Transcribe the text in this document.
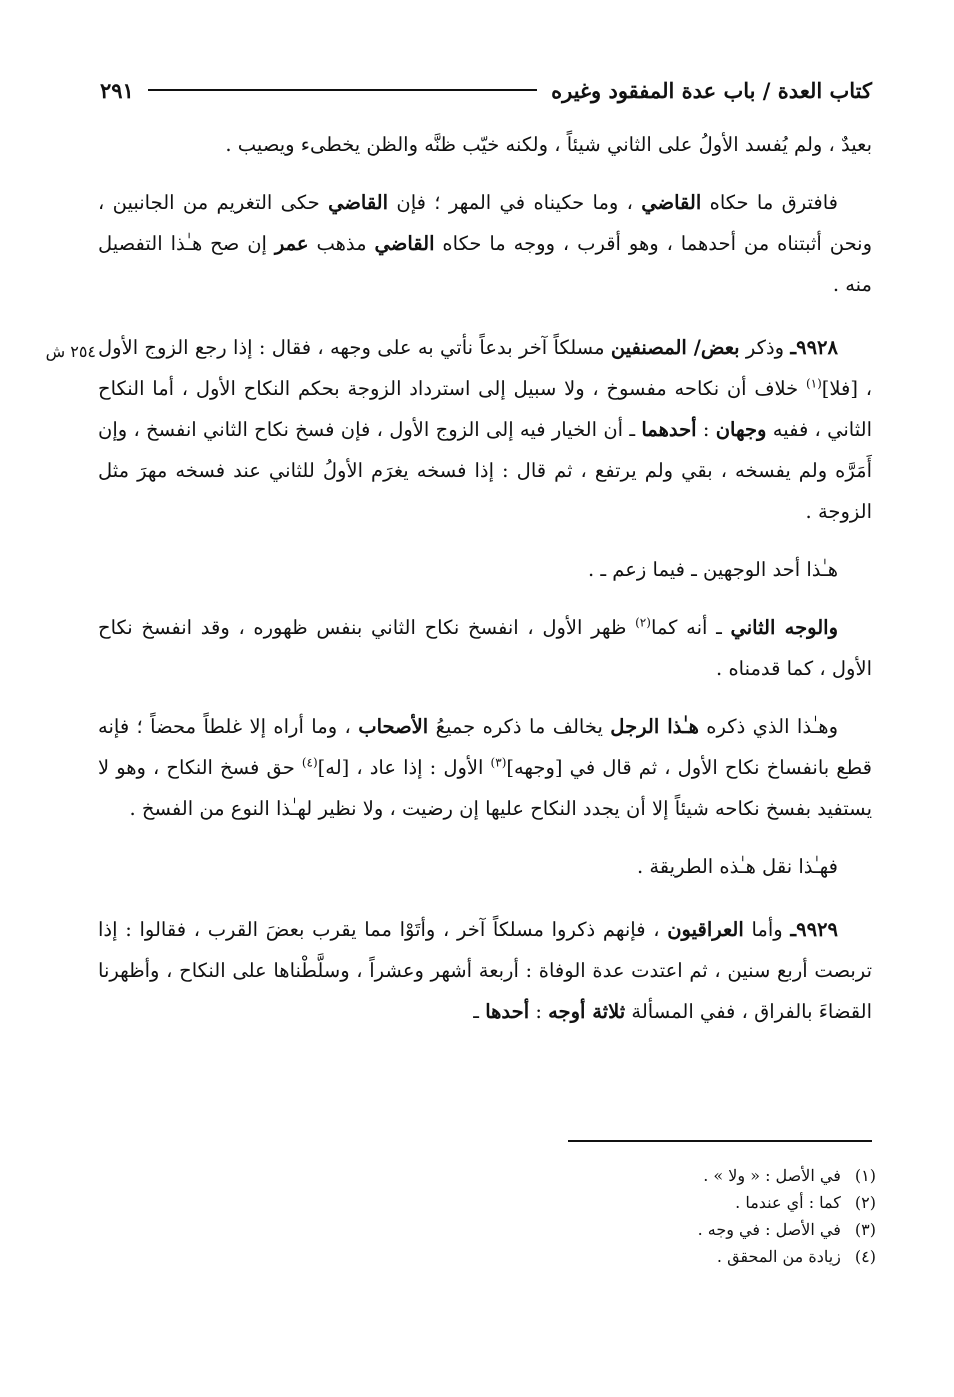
كتاب العدة / باب عدة المفقود وغيره
٢٩١
٢٥٤ ش

بعيدٌ ، ولم يُفسد الأولُ على الثاني شيئاً ، ولكنه خيّب ظنَّه والظن يخطىء ويصيب .

فافترق ما حكاه القاضي ، وما حكيناه في المهر ؛ فإن القاضي حكى التغريم من الجانبين ، ونحن أثبتناه من أحدهما ، وهو أقرب ، ووجه ما حكاه القاضي مذهب عمر إن صح هـٰذا التفصيل منه .

٩٩٢٨ـ وذكر بعض/ المصنفين مسلكاً آخر بدعاً نأتي به على وجهه ، فقال : إذا رجع الزوج الأول ، [فلا]$^{(١)}$ خلاف أن نكاحه مفسوخ ، ولا سبيل إلى استرداد الزوجة بحكم النكاح الأول ، أما النكاح الثاني ، ففيه وجهان : أحدهما ـ أن الخيار فيه إلى الزوج الأول ، فإن فسخ نكاح الثاني انفسخ ، وإن أَمَرَّه ولم يفسخه ، بقي ولم يرتفع ، ثم قال : إذا فسخه يغرَم الأولُ للثاني عند فسخه مهرَ مثل الزوجة .

هـٰذا أحد الوجهين ـ فيما زعم ـ .

والوجه الثاني ـ أنه كما$^{(٢)}$ ظهر الأول ، انفسخ نكاح الثاني بنفس ظهوره ، وقد انفسخ نكاح الأول ، كما قدمناه .

وهـٰذا الذي ذكره هـٰذا الرجل يخالف ما ذكره جميعُ الأصحاب ، وما أراه إلا غلطاً محضاً ؛ فإنه قطع بانفساخ نكاح الأول ، ثم قال في [وجهه]$^{(٣)}$ الأول : إذا عاد ، [له]$^{(٤)}$ حق فسخ النكاح ، وهو لا يستفيد بفسخ نكاحه شيئاً إلا أن يجدد النكاح عليها إن رضيت ، ولا نظير لهـٰذا النوع من الفسخ .

فهـٰذا نقل هـٰذه الطريقة .

٩٩٢٩ـ وأما العراقيون ، فإنهم ذكروا مسلكاً آخر ، وأتَوْا مما يقرب بعضَ القرب ، فقالوا : إذا تربصت أربع سنين ، ثم اعتدت عدة الوفاة : أربعة أشهر وعشراً ، وسلَّطْناها على النكاح ، وأظهرنا القضاءَ بالفراق ، ففي المسألة ثلاثة أوجه : أحدها ـ

(١)
في الأصل : « ولا » .
(٢)
كما : أي عندما .
(٣)
في الأصل : في وجه .
(٤)
زيادة من المحقق .
